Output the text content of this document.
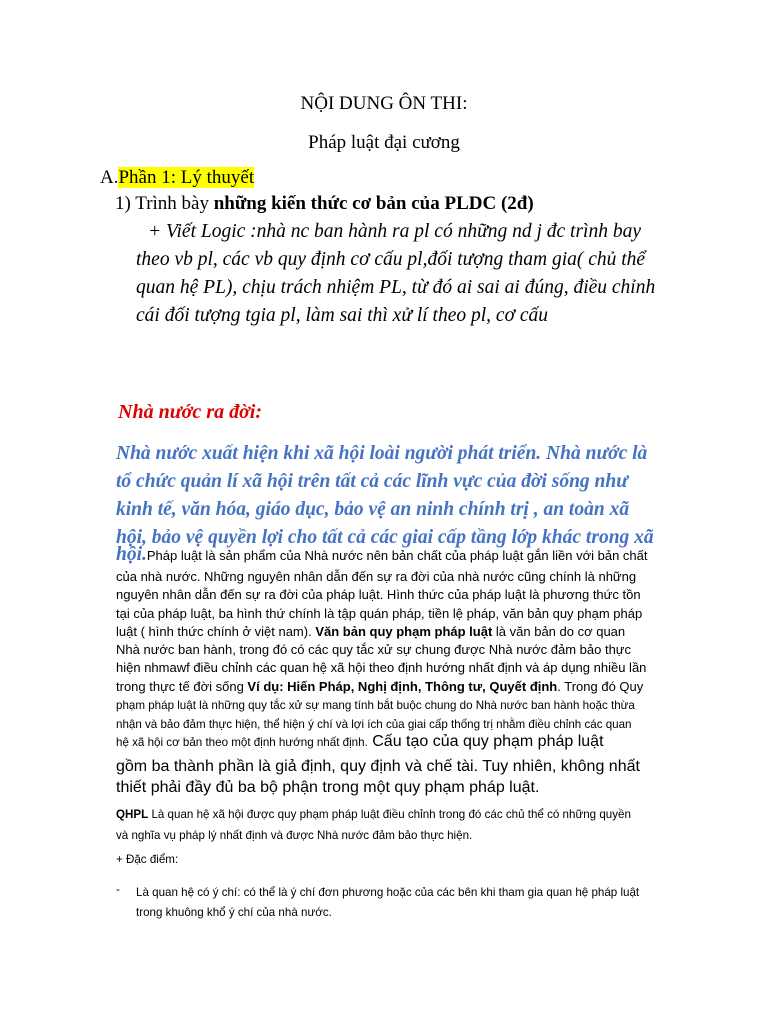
NỘI DUNG ÔN THI:
Pháp luật đại cương
A.Phần 1: Lý thuyết
1) Trình bày những kiến thức cơ bản của PLDC (2đ)

+ Viết Logic :nhà nc ban hành ra pl có những nd j đc trình bay

theo vb pl, các vb quy định cơ cấu pl,đối tượng tham gia( chủ thể

quan hệ PL), chịu trách nhiệm PL, từ đó ai sai ai đúng, điều chỉnh

cái đối tượng tgia pl, làm sai thì xử lí theo pl, cơ cấu

Nhà nước ra đời:

Nhà nước xuất hiện khi xã hội loài người phát triển. Nhà nước là

tổ chức quản lí xã hội trên tất cả các lĩnh vực của đời sống như

kinh tế, văn hóa, giáo dục, bảo vệ an ninh chính trị , an toàn xã

hội, bảo vệ quyền lợi cho tất cả các giai cấp tầng lớp khác trong xã

hội.Pháp luật là sản phẩm của Nhà nước nên bản chất của pháp luật gắn liền với bản chất

của nhà nước. Những nguyên nhân dẫn đến sự ra đời của nhà nước cũng chính là những

nguyên nhân dẫn đến sự ra đời của pháp luật. Hình thức của pháp luật là phương thức tồn

tại của pháp luật, ba hình thứ chính là tập quán pháp, tiền lệ pháp, văn bản quy phạm pháp

luật ( hình thức chính ở việt nam). Văn bản quy phạm pháp luật là văn bản do cơ quan

Nhà nước ban hành, trong đó có các quy tắc xử sự chung được Nhà nước đảm bảo thực

hiện nhmawf điều chỉnh các quan hệ xã hội theo định hướng nhất định và áp dụng nhiều lần

trong thực tế đời sống Ví dụ: Hiến Pháp, Nghị định, Thông tư, Quyết định. Trong đó Quy

phạm pháp luật là những quy tắc xử sự mang tính bắt buộc chung do Nhà nước ban hành hoặc thừa

nhận và bảo đảm thực hiện, thể hiện ý chí và lợi ích của giai cấp thống trị nhằm điều chỉnh các quan

hệ xã hội cơ bản theo một định hướng nhất định. Cấu tạo của quy phạm pháp luật

gồm ba thành phần là giả định, quy định và chế tài. Tuy nhiên, không nhất

thiết phải đầy đủ ba bộ phận trong một quy phạm pháp luật.

QHPL Là quan hệ xã hội được quy phạm pháp luật điều chỉnh trong đó các chủ thể có những quyền

và nghĩa vụ pháp lý nhất định và được Nhà nước đảm bảo thực hiện.

+ Đặc điểm:
- Là quan hệ có ý chí: có thể là ý chí đơn phương hoặc của các bên khi tham gia quan hệ pháp luật

trong khuông khổ ý chí của nhà nước.
